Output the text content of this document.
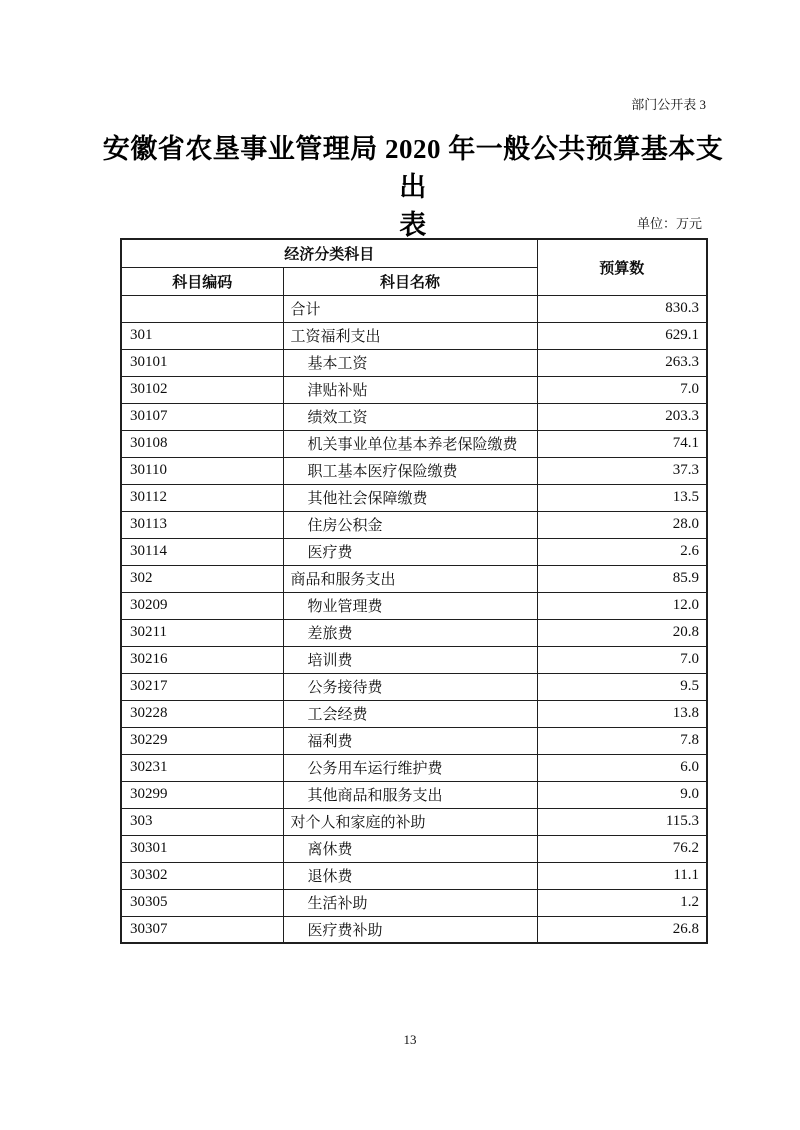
部门公开表 3
安徽省农垦事业管理局 2020 年一般公共预算基本支出
表	单位：万元
经济分类科目		预算数
科目编码	科目名称	
	合计	830.3
301	工资福利支出	629.1
30101	基本工资	263.3
30102	津贴补贴	7.0
30107	绩效工资	203.3
30108	机关事业单位基本养老保险缴费	74.1
30110	职工基本医疗保险缴费	37.3
30112	其他社会保障缴费	13.5
30113	住房公积金	28.0
30114	医疗费	2.6
302	商品和服务支出	85.9
30209	物业管理费	12.0
30211	差旅费	20.8
30216	培训费	7.0
30217	公务接待费	9.5
30228	工会经费	13.8
30229	福利费	7.8
30231	公务用车运行维护费	6.0
30299	其他商品和服务支出	9.0
303	对个人和家庭的补助	115.3
30301	离休费	76.2
30302	退休费	11.1
30305	生活补助	1.2
30307	医疗费补助	26.8
13
